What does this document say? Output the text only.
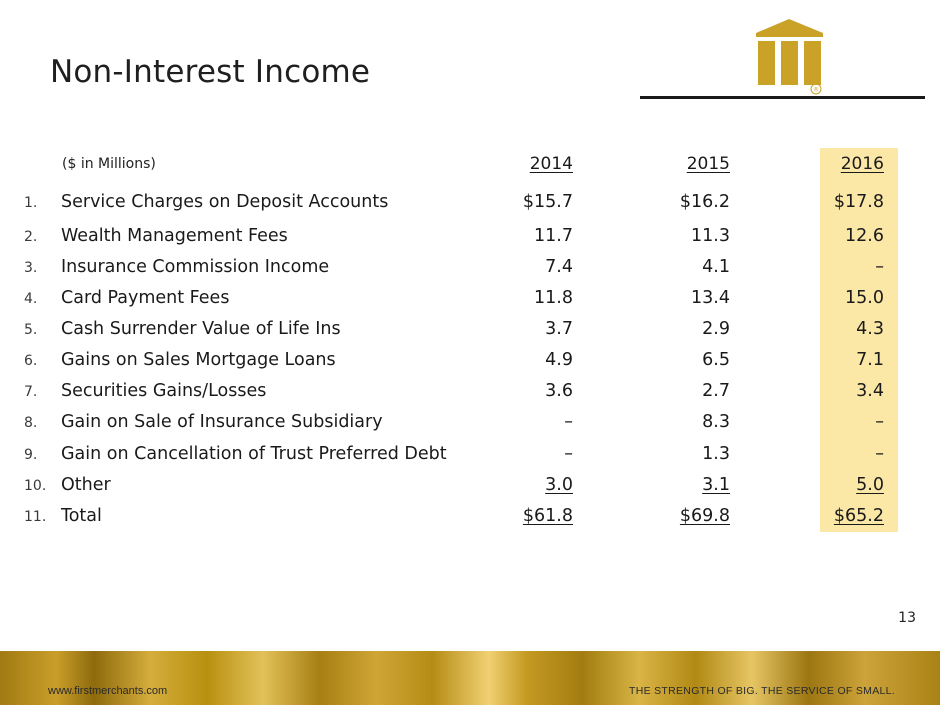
Non-Interest Income	®
($ in Millions)	2014	2015	2016
1.	Service Charges on Deposit Accounts	$15.7	$16.2	$17.8
2.	Wealth Management Fees	11.7	11.3	12.6
3.	Insurance Commission Income	7.4	4.1	–
4.	Card Payment Fees	11.8	13.4	15.0
5.	Cash Surrender Value of Life Ins	3.7	2.9	4.3
6.	Gains on Sales Mortgage Loans	4.9	6.5	7.1
7.	Securities Gains/Losses	3.6	2.7	3.4
8.	Gain on Sale of Insurance Subsidiary	–	8.3	–
9.	Gain on Cancellation of Trust Preferred Debt	–	1.3	–
10. Other	3.0	3.1	5.0
11. Total	$61.8	$69.8	$65.2
13
www.firstmerchants.com	THE STRENGTH OF BIG. THE SERVICE OF SMALL.
